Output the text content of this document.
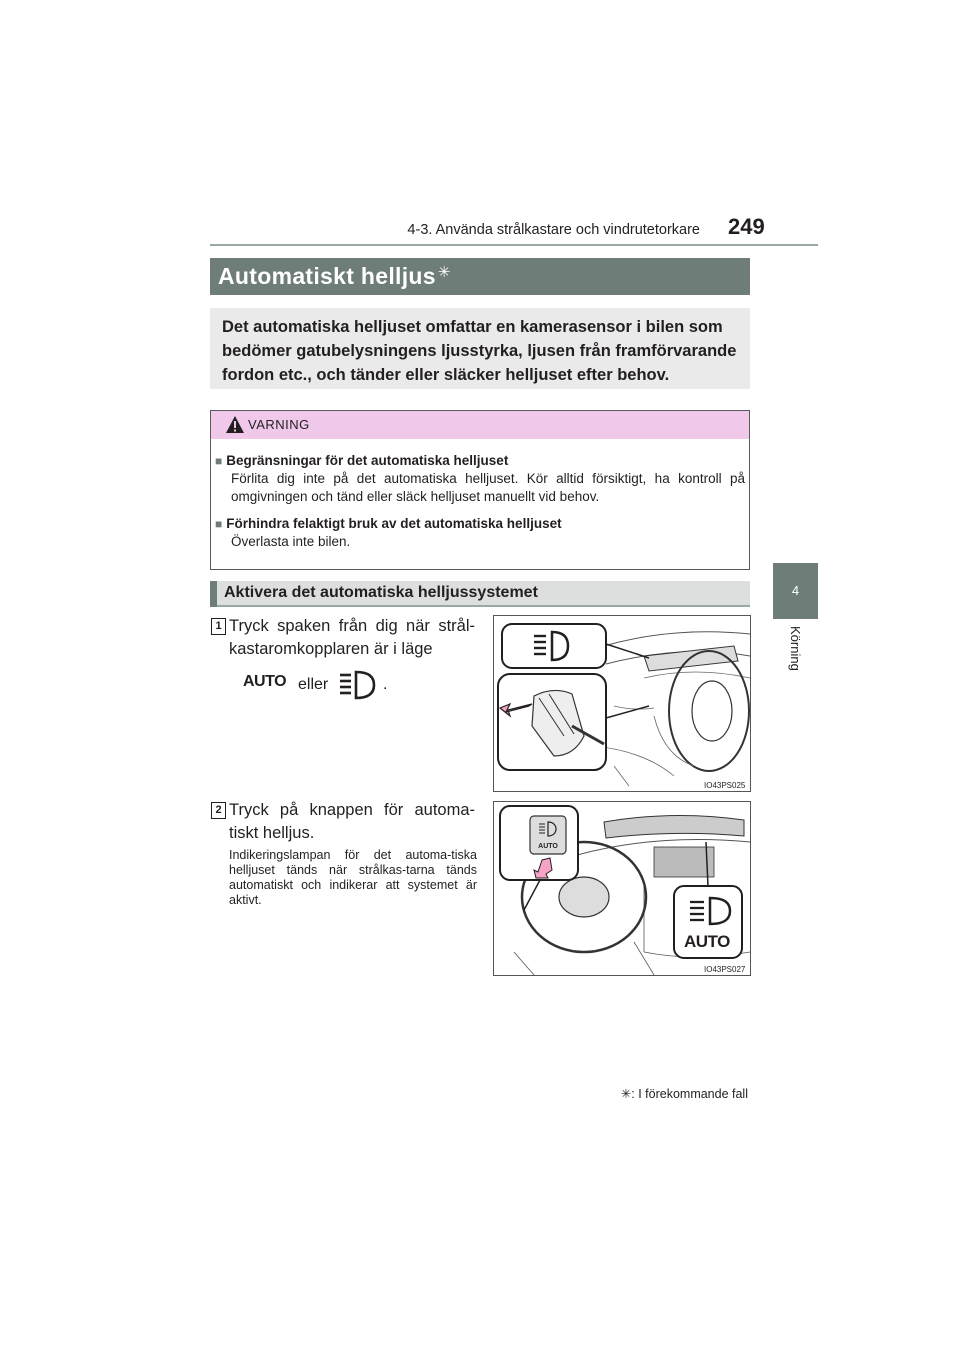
4-3. Använda strålkastare och vindrutetorkare 249
4
Körning
Automatiskt helljus ✳
Det automatiska helljuset omfattar en kamerasensor i bilen som bedömer gatubelysningens ljusstyrka, ljusen från framförvarande fordon etc., och tänder eller släcker helljuset efter behov.
VARNING
■ Begränsningar för det automatiska helljuset
Förlita dig inte på det automatiska helljuset. Kör alltid försiktigt, ha kontroll på omgivningen och tänd eller släck helljuset manuellt vid behov.
■ Förhindra felaktigt bruk av det automatiska helljuset
Överlasta inte bilen.
Aktivera det automatiska helljussystemet
1 Tryck spaken från dig när strål-kastaromkopplaren är i läge
AUTO eller	.
IO43PS025
2 Tryck på knappen för automa-tiskt helljus.
Indikeringslampan för det automa-tiska helljuset tänds när strålkas-tarna tänds automatiskt och indikerar att systemet är aktivt.
AUTO
AUTO
IO43PS027
✳: I förekommande fall
